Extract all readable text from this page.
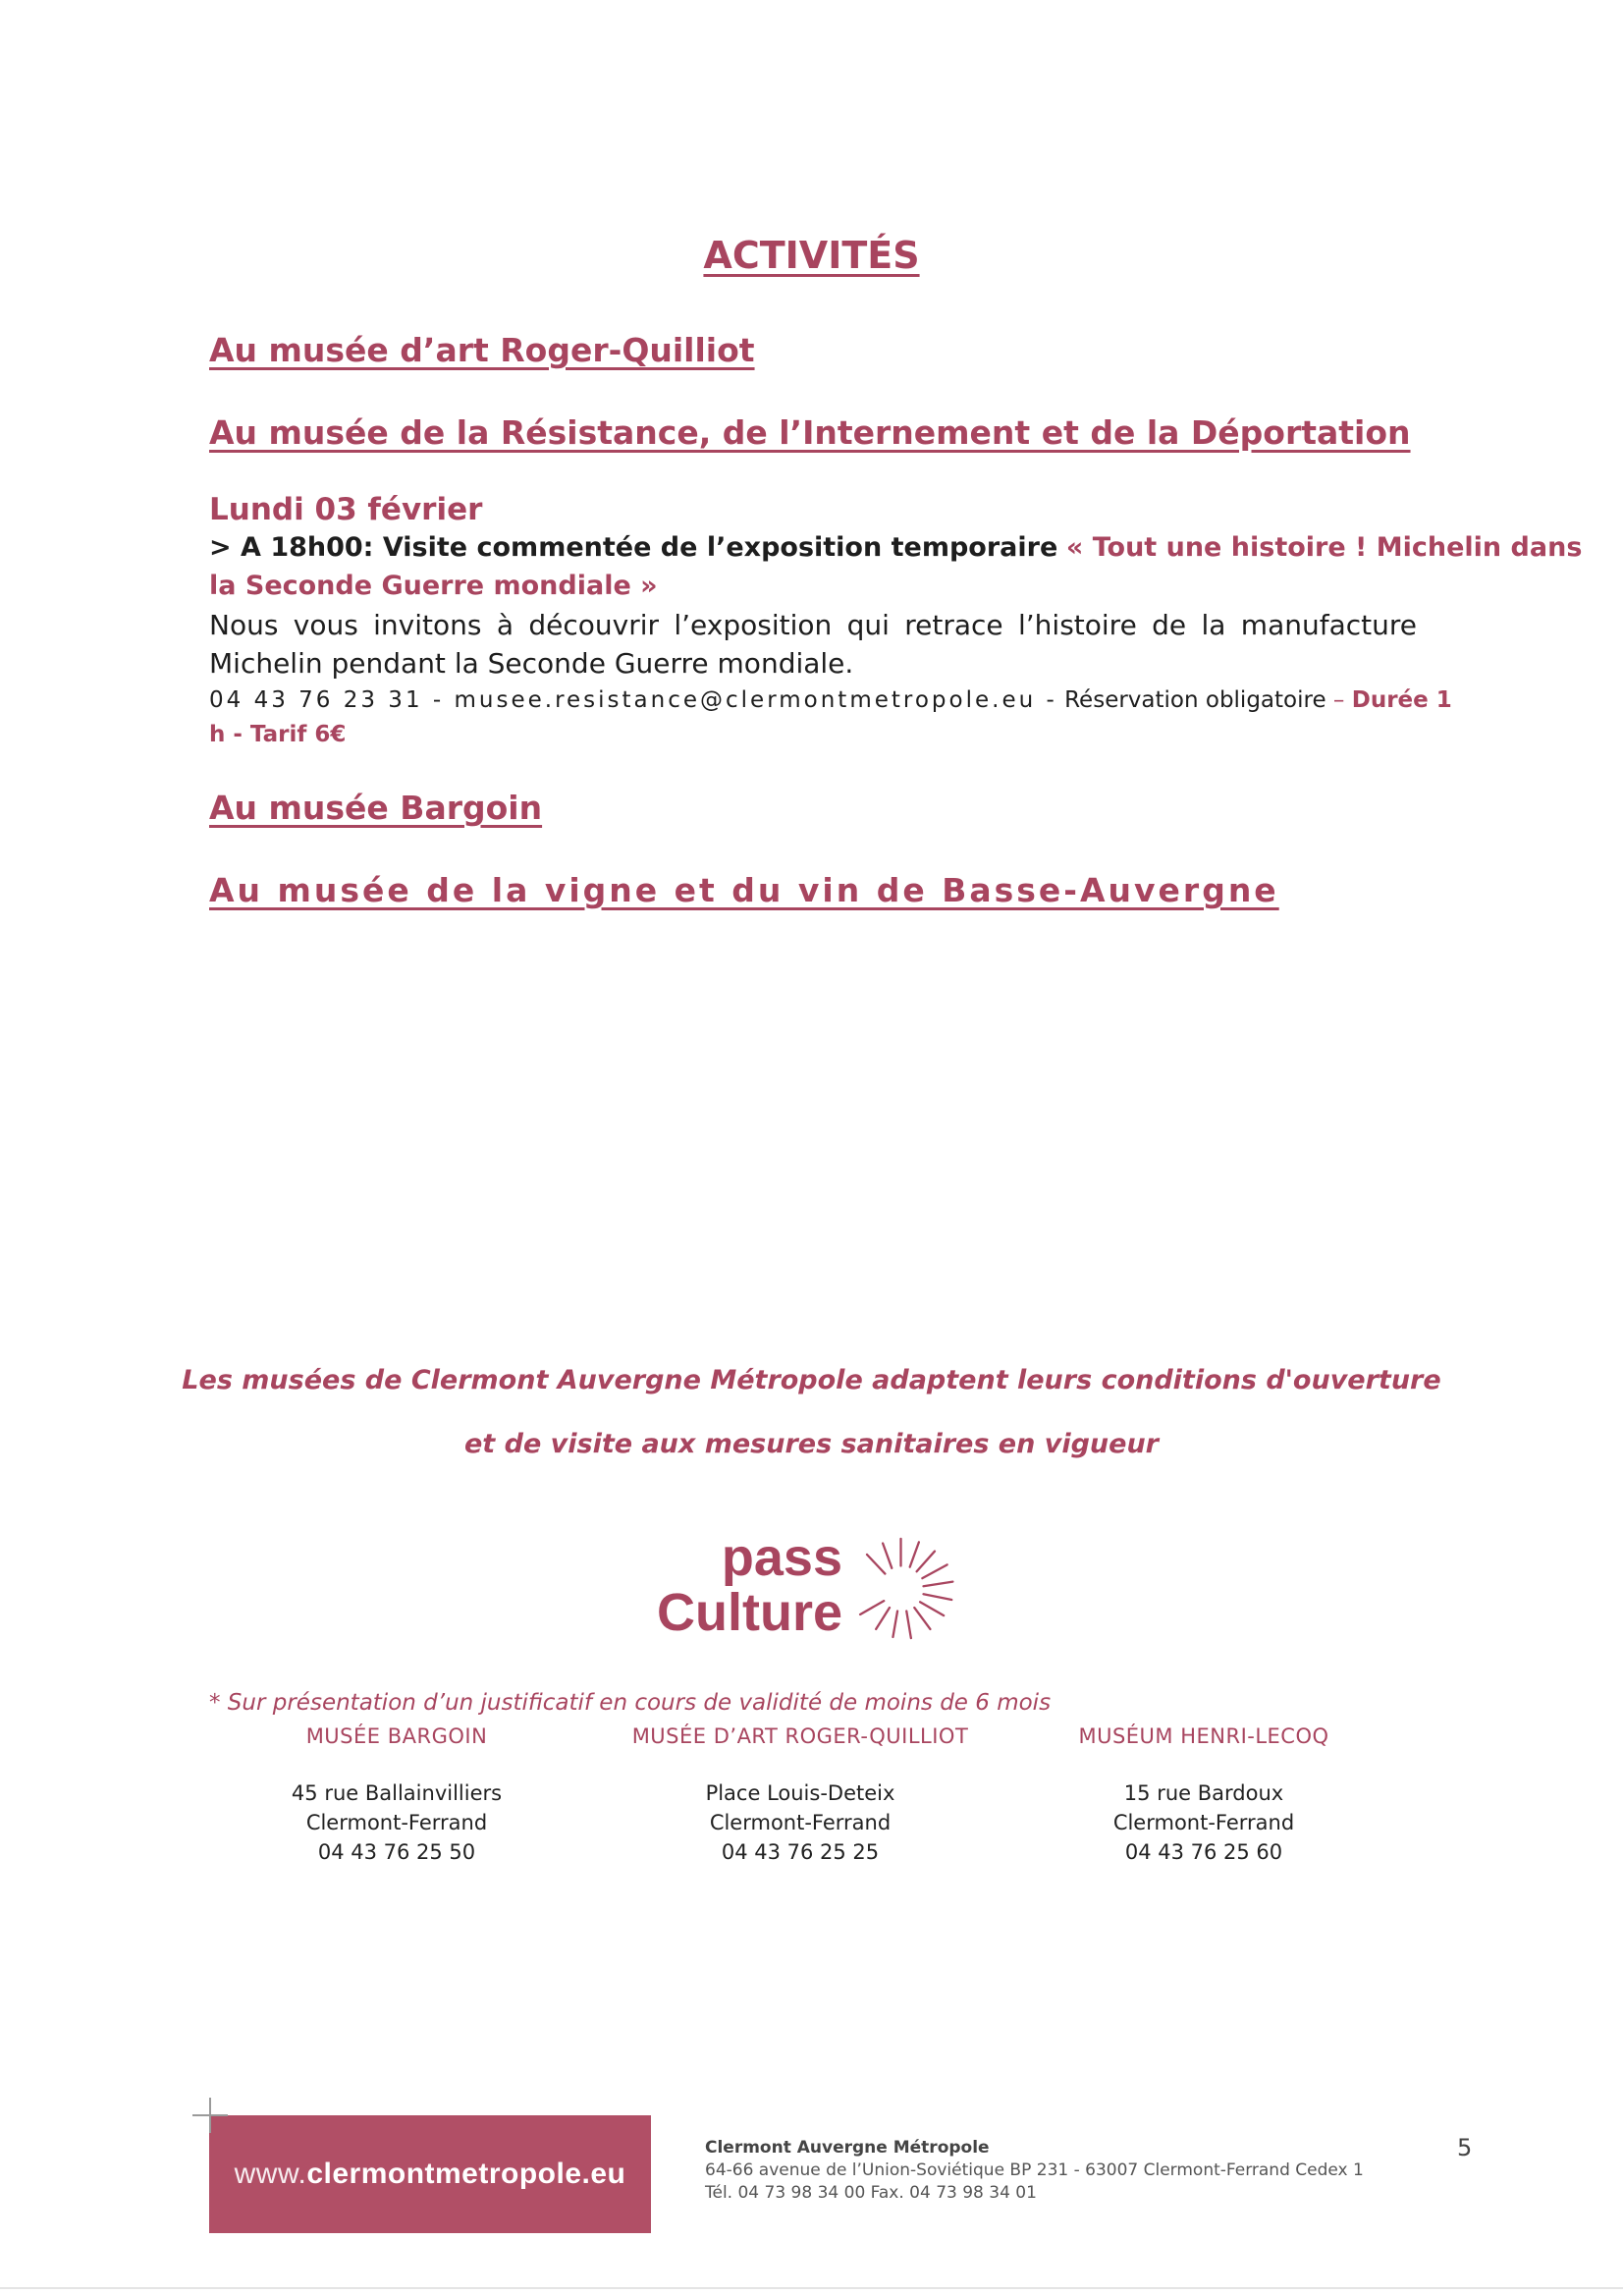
ACTIVITÉS
Au musée d’art Roger-Quilliot
Au musée de la Résistance, de l’Internement et de la Déportation
Lundi 03 février
> A 18h00: Visite commentée de l’exposition temporaire « Tout une histoire ! Michelin dans
la Seconde Guerre mondiale »
Nous vous invitons à découvrir l’exposition qui retrace l’histoire de la manufacture Michelin pendant la Seconde Guerre mondiale.
04 43 76 23 31 - musee.resistance@clermontmetropole.eu - Réservation obligatoire – Durée 1
h - Tarif 6€
Au musée Bargoin
Au musée de la vigne et du vin de Basse-Auvergne
Les musées de Clermont Auvergne Métropole adaptent leurs conditions d'ouverture
et de visite aux mesures sanitaires en vigueur
pass
Culture
* Sur présentation d’un justificatif en cours de validité de moins de 6 mois
MUSÉE BARGOIN
45 rue Ballainvilliers
Clermont-Ferrand
04 43 76 25 50
MUSÉE D’ART ROGER-QUILLIOT
Place Louis-Deteix
Clermont-Ferrand
04 43 76 25 25
MUSÉUM HENRI-LECOQ
15 rue Bardoux
Clermont-Ferrand
04 43 76 25 60
www.clermontmetropole.eu
Clermont Auvergne Métropole
64-66 avenue de l’Union-Soviétique BP 231 - 63007 Clermont-Ferrand Cedex 1
Tél. 04 73 98 34 00 Fax. 04 73 98 34 01
5
